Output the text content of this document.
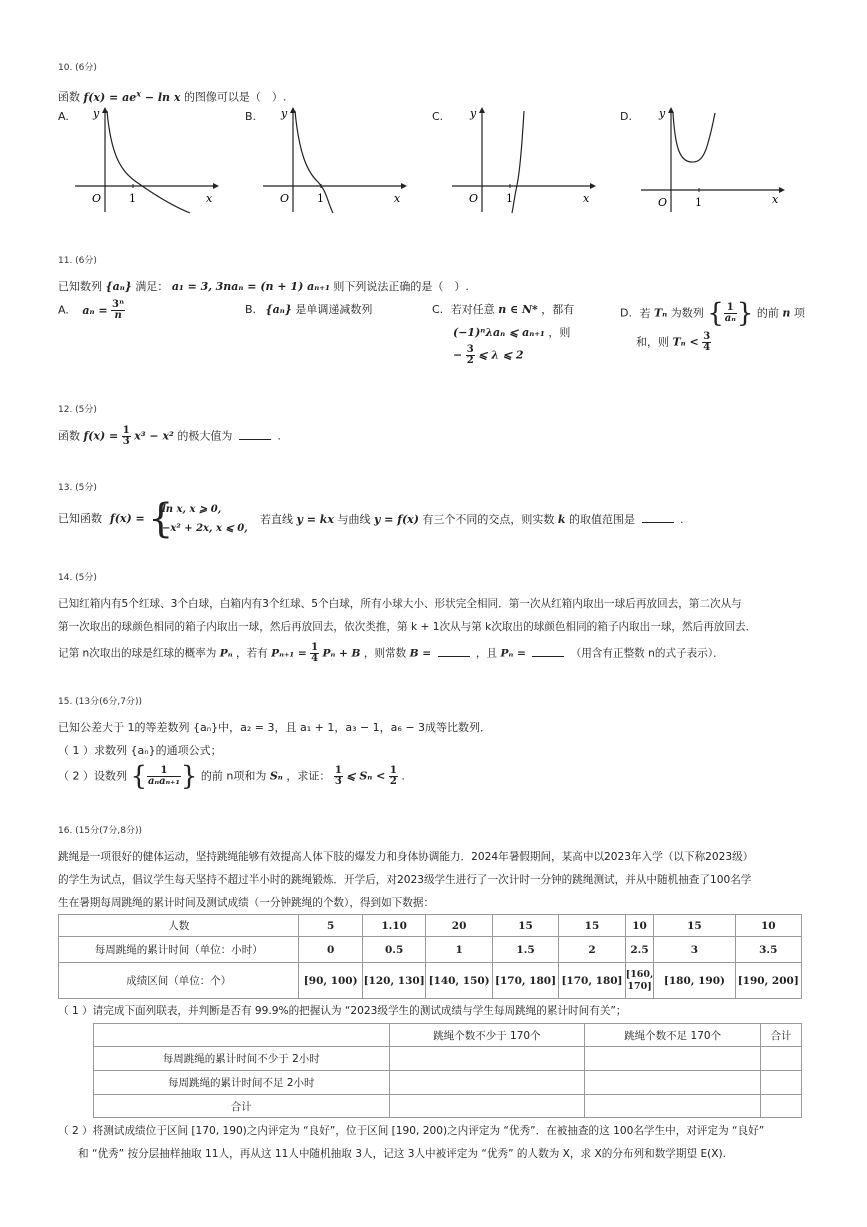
10. (6分)
函数 $f(x) = ae^x - \ln x$ 的图像可以是（　）.
A.	B.	C.	D.
y
x
O	1
y
x
O	1
y
x
O	1
y
x
O	1
11. (6分)
已知数列 {aₙ} 满足： a₁ = 3, 3naₙ = (n + 1) aₙ₊₁ 则下列说法正确的是（　）.
A. $a_n = \frac{\text{3ⁿ}}{n}$	B. {aₙ} 是单调递减数列	C. 若对任意 n ∈ N* ，都有
(−1)ⁿλaₙ ⩽ aₙ₊₁ ，则
− $\frac{3}{2}$ ⩽ λ ⩽ 2
D. 若 Tₙ 为数列 { $\frac{1}{\text{aₙ}}$ } 的前 n 项
和，则 $T_n < \frac{3}{4}$
12. (5分)
函数 $f(x) = \frac{1}{3} x^3 - x^2$ 的极大值为	.
13. (5分)
已知函数 f(x) = {
ln x, x ⩾ 0,
−x² + 2x, x ⩽ 0,
若直线 y = kx 与曲线 y = f(x) 有三个不同的交点，则实数 k 的取值范围是	.
14. (5分)
已知红箱内有5个红球、3个白球，白箱内有3个红球、5个白球，所有小球大小、形状完全相同．第一次从红箱内取出一球后再放回去，第二次从与
第一次取出的球颜色相同的箱子内取出一球，然后再放回去，依次类推，第 k + 1次从与第 k次取出的球颜色相同的箱子内取出一球，然后再放回去．
记第 n次取出的球是红球的概率为 Pₙ ，若有 $P_{n+1} = \frac{1}{4}$ Pₙ + B ，则常数 B =	，且 Pₙ =	（用含有正整数 n的式子表示）．
15. (13分(6分,7分))
已知公差大于 1的等差数列 {aₙ}中，a₂ = 3，且 a₁ + 1，a₃ − 1，a₆ − 3成等比数列．
（ 1 ）求数列 {aₙ}的通项公式；
（ 2 ）设数列 { $\frac{1}{\text{aₙaₙ₊₁}}$ } 的前 n项和为 Sₙ ，求证： $\frac{1}{3}$ ⩽ $S_n < \frac{1}{2}$ .
16. (15分(7分,8分))
跳绳是一项很好的健体运动，坚持跳绳能够有效提高人体下肢的爆发力和身体协调能力．2024年暑假期间，某高中以2023年入学（以下称2023级）
的学生为试点，倡议学生每天坚持不超过半小时的跳绳锻炼．开学后，对2023级学生进行了一次计时一分钟的跳绳测试，并从中随机抽查了100名学
生在暑期每周跳绳的累计时间及测试成绩（一分钟跳绳的个数），得到如下数据：
人数	5	1.10	20	15	15	10	15	10
每周跳绳的累计时间（单位：小时）	0	0.5	1	1.5	2	2.5	3	3.5
成绩区间（单位：个）	[90, 100)	[120, 130]	[140, 150)	[170, 180]	[170, 180]	[160, 170]	[180, 190)	[190, 200]
（ 1 ）请完成下面列联表，并判断是否有 99.9%的把握认为 “2023级学生的测试成绩与学生每周跳绳的累计时间有关”；
	跳绳个数不少于 170个	跳绳个数不足 170个	合计
每周跳绳的累计时间不少于 2小时			
每周跳绳的累计时间不足 2小时			
合计			
（ 2 ）将测试成绩位于区间 [170, 190)之内评定为 “良好”，位于区间 [190, 200)之内评定为 “优秀”．在被抽查的这 100名学生中，对评定为 “良好”
和 “优秀” 按分层抽样抽取 11人，再从这 11人中随机抽取 3人，记这 3人中被评定为 “优秀” 的人数为 X，求 X的分布列和数学期望 E(X).
